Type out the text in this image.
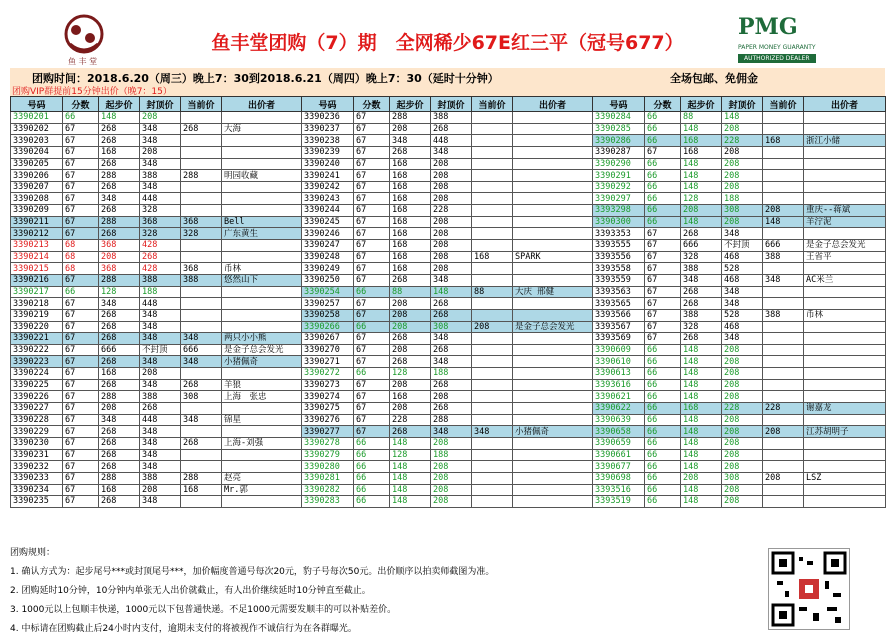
鱼 丰 堂
鱼丰堂团购（7）期　全网稀少67E红三平（冠号677）
PMG
PAPER MONEY GUARANTY
AUTHORIZED DEALER
团购时间：2018.6.20（周三）晚上7：30到2018.6.21（周四）晚上7：30（延时十分钟）	全场包邮、免佣金
团购VIP群提前15分钟出价（晚7：15）
号码	分数	起步价	封顶价	当前价	出价者	号码	分数	起步价	封顶价	当前价	出价者	号码	分数	起步价	封顶价	当前价	出价者
3390201	66	148	208			3390236	67	288	388			3390284	66	88	148		
3390202	67	268	348	268	大海	3390237	67	208	268			3390285	66	148	208		
3390203	67	268	348			3390238	67	348	448			3390286	66	168	228	168	浙江小储
3390204	67	168	208			3390239	67	268	348			3390287	67	168	208		
3390205	67	268	348			3390240	67	168	208			3390290	66	148	208		
3390206	67	288	388	288	明园收藏	3390241	67	168	208			3390291	66	148	208		
3390207	67	268	348			3390242	67	168	208			3390292	66	148	208		
3390208	67	348	448			3390243	67	168	208			3390297	66	128	188		
3390209	67	268	328			3390244	67	168	228			3393298	66	208	308	208	重庆--蒋斌
3390211	67	288	368	368	Bell	3390245	67	168	208			3390300	66	148	208	148	羊泞泥
3390212	67	268	328	328	广东黄生	3390246	67	168	208			3393353	67	268	348		
3390213	68	368	428			3390247	67	168	208			3393555	67	666	不封顶	666	是金子总会发光
3390214	68	208	268			3390248	67	168	208	168	SPARK	3393556	67	328	468	388	王省平
3390215	68	368	428	368	币林	3390249	67	168	208			3393558	67	388	528		
3390216	67	288	388	388	悠然山下	3390250	67	268	348			3393559	67	348	468	348	AC米兰
3390217	66	128	188			3390254	66	88	148	88	大庆 邢健	3393563	67	268	348		
3390218	67	348	448			3390257	67	208	268			3393565	67	268	348		
3390219	67	268	348			3390258	67	208	268			3393566	67	388	528	388	币林
3390220	67	268	348			3390266	66	208	308	208	是金子总会发光	3393567	67	328	468		
3390221	67	268	348	348	两只小小熊	3390267	67	268	348			3393569	67	268	348		
3390222	67	666	不封顶	666	是金子总会发光	3390270	67	208	268			3390609	66	148	208		
3390223	67	268	348	348	小猪佩奇	3390271	67	268	348			3390610	66	148	208		
3390224	67	168	208			3390272	66	128	188			3390613	66	148	208		
3390225	67	268	348	268	羊狼	3390273	67	208	268			3393616	66	148	208		
3390226	67	288	388	308	上海　张忠	3390274	67	168	208			3390621	66	148	208		
3390227	67	208	268			3390275	67	208	268			3390622	66	168	228	228	谢嘉龙
3390228	67	348	448	348	锦星	3390276	67	228	288			3390639	66	148	208		
3390229	67	268	348			3390277	67	268	348	348	小猪佩奇	3390658	66	148	208	208	江苏胡明子
3390230	67	268	348	268	上海-刘强	3390278	66	148	208			3390659	66	148	208		
3390231	67	268	348			3390279	66	128	188			3390661	66	148	208		
3390232	67	268	348			3390280	66	148	208			3390677	66	148	208		
3390233	67	288	388	288	赵亮	3390281	66	148	208			3390698	66	208	308	208	LSZ
3390234	67	168	208	168	Mr.郭	3390282	66	148	208			3393516	66	148	208		
3390235	67	268	348			3390283	66	148	208			3393519	66	148	208		
团购规则：
1. 确认方式为：起步尾号***或封顶尾号***，加价幅度普通号每次20元，豹子号每次50元。出价顺序以拍卖师截图为准。
2. 团购延时10分钟，10分钟内单张无人出价就截止，有人出价继续延时10分钟直至截止。
3. 1000元以上包顺丰快递，1000元以下包普通快递。不足1000元需要发顺丰的可以补贴差价。
4. 中标请在团购截止后24小时内支付，逾期未支付的将被视作不诚信行为在各群曝光。
